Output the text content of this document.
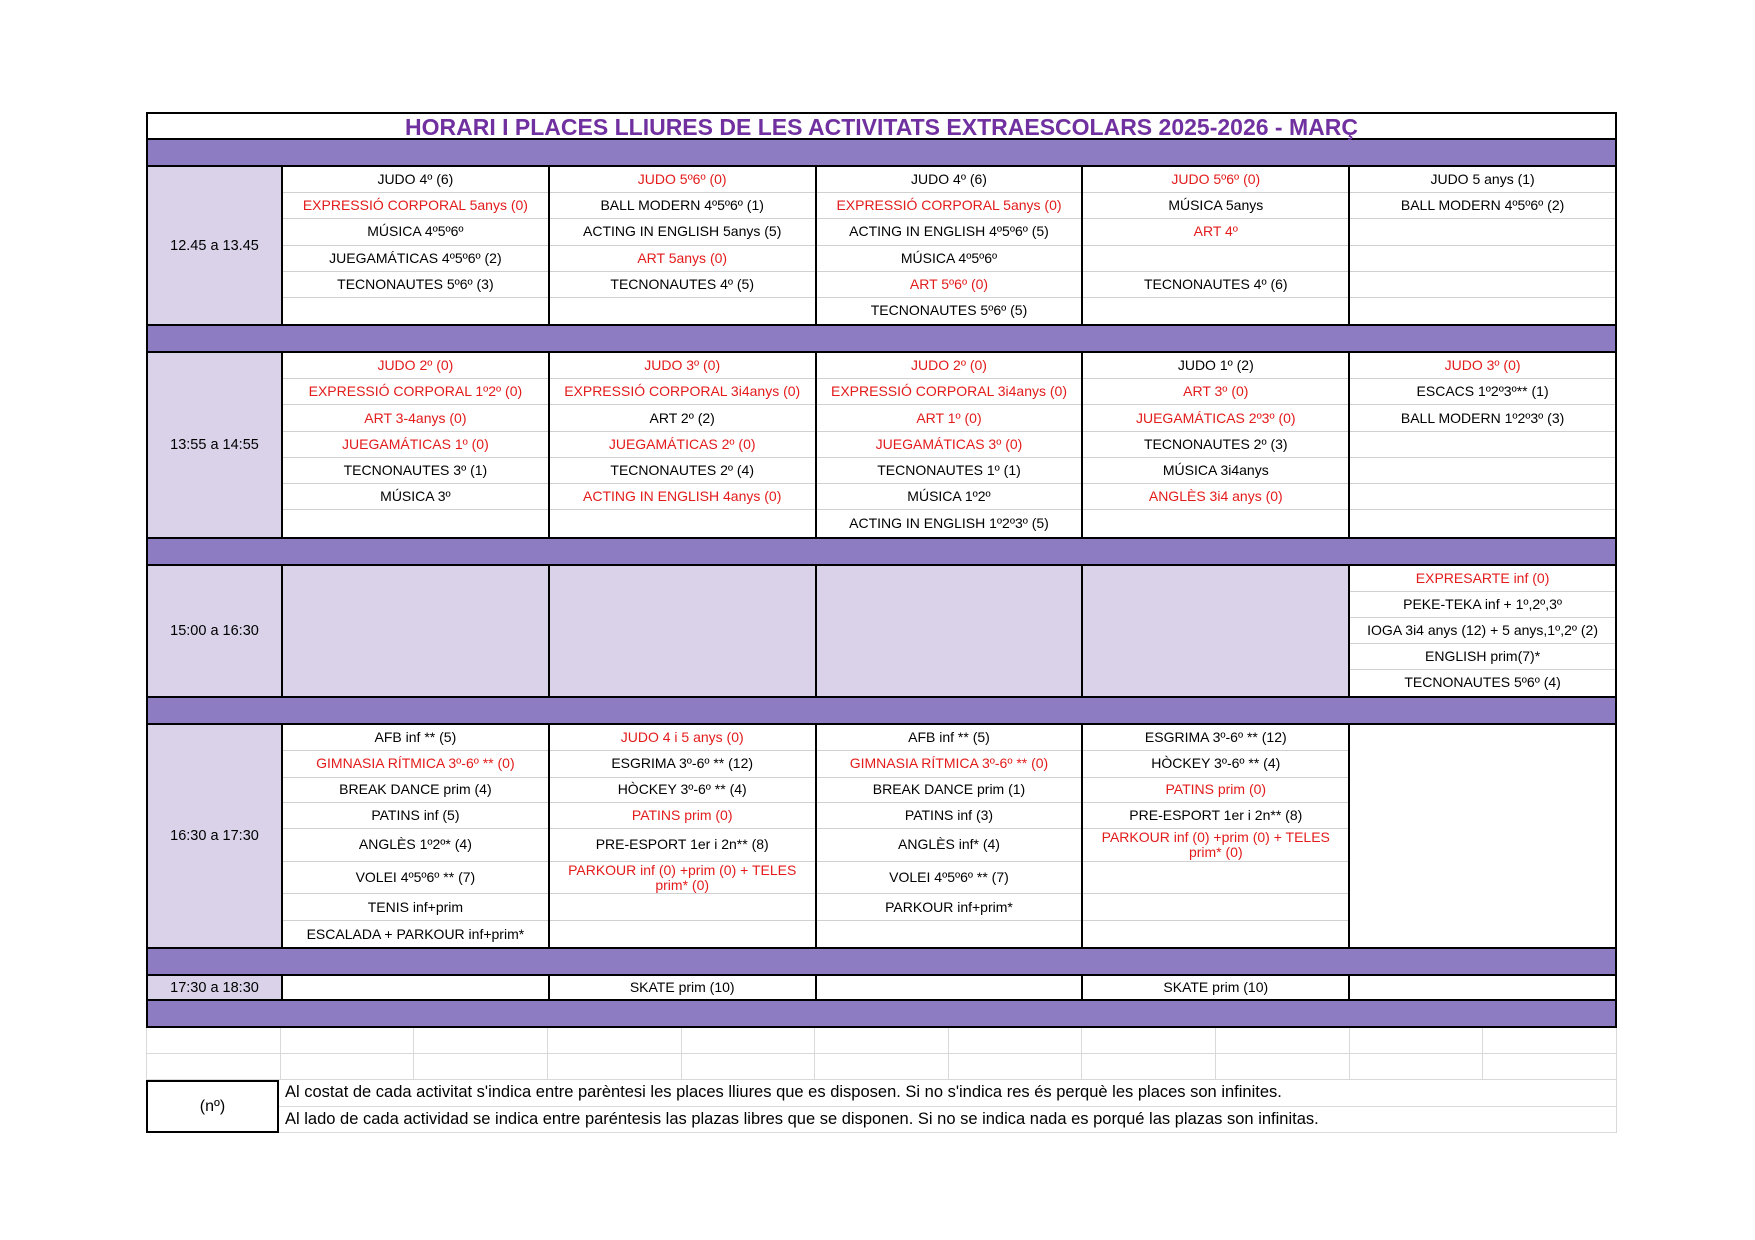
HORARI I PLACES LLIURES DE LES ACTIVITATS EXTRAESCOLARS 2025-2026 - MARÇ
12.45 a 13.45
JUDO 4º (6)
EXPRESSIÓ CORPORAL 5anys (0)
MÚSICA 4º5º6º
JUEGAMÁTICAS 4º5º6º (2)
TECNONAUTES 5º6º (3)
JUDO 5º6º (0)
BALL MODERN 4º5º6º (1)
ACTING IN ENGLISH 5anys (5)
ART 5anys (0)
TECNONAUTES 4º (5)
JUDO 4º (6)
EXPRESSIÓ CORPORAL 5anys (0)
ACTING IN ENGLISH 4º5º6º (5)
MÚSICA 4º5º6º
ART 5º6º (0)
TECNONAUTES 5º6º (5)
JUDO 5º6º (0)
MÚSICA 5anys
ART 4º
TECNONAUTES 4º (6)
JUDO 5 anys (1)
BALL MODERN 4º5º6º (2)
13:55 a 14:55
JUDO 2º (0)
EXPRESSIÓ CORPORAL 1º2º (0)
ART 3-4anys (0)
JUEGAMÁTICAS 1º (0)
TECNONAUTES 3º (1)
MÚSICA 3º
JUDO 3º (0)
EXPRESSIÓ CORPORAL 3i4anys (0)
ART 2º (2)
JUEGAMÁTICAS 2º (0)
TECNONAUTES 2º (4)
ACTING IN ENGLISH 4anys (0)
JUDO 2º (0)
EXPRESSIÓ CORPORAL 3i4anys (0)
ART 1º (0)
JUEGAMÁTICAS 3º (0)
TECNONAUTES 1º (1)
MÚSICA 1º2º
ACTING IN ENGLISH 1º2º3º (5)
JUDO 1º (2)
ART 3º (0)
JUEGAMÁTICAS 2º3º (0)
TECNONAUTES 2º (3)
MÚSICA 3i4anys
ANGLÈS 3i4 anys (0)
JUDO 3º (0)
ESCACS 1º2º3º** (1)
BALL MODERN 1º2º3º (3)
15:00 a 16:30
EXPRESARTE inf (0)
PEKE-TEKA inf + 1º,2º,3º
IOGA 3i4 anys (12) + 5 anys,1º,2º (2)
ENGLISH prim(7)*
TECNONAUTES 5º6º (4)
16:30 a 17:30
AFB inf ** (5)
GIMNASIA RÍTMICA 3º-6º ** (0)
BREAK DANCE prim (4)
PATINS inf (5)
ANGLÈS 1º2º* (4)
VOLEI 4º5º6º ** (7)
TENIS inf+prim
ESCALADA + PARKOUR inf+prim*
JUDO 4 i 5 anys (0)
ESGRIMA 3º-6º ** (12)
HÒCKEY 3º-6º ** (4)
PATINS prim (0)
PRE-ESPORT 1er i 2n** (8)
PARKOUR inf (0) +prim (0) + TELES prim* (0)
AFB inf ** (5)
GIMNASIA RÍTMICA 3º-6º ** (0)
BREAK DANCE prim (1)
PATINS inf (3)
ANGLÈS inf* (4)
VOLEI 4º5º6º ** (7)
PARKOUR inf+prim*
ESGRIMA 3º-6º ** (12)
HÒCKEY 3º-6º ** (4)
PATINS prim (0)
PRE-ESPORT 1er i 2n** (8)
PARKOUR inf (0) +prim (0) + TELES prim* (0)
17:30 a 18:30	SKATE prim (10)	SKATE prim (10)
(nº)
Al costat de cada activitat s'indica entre parèntesi les places lliures que es disposen. Si no s'indica res és perquè les places son infinites.
Al lado de cada actividad se indica entre paréntesis las plazas libres que se disponen. Si no se indica nada es porqué las plazas son infinitas.
